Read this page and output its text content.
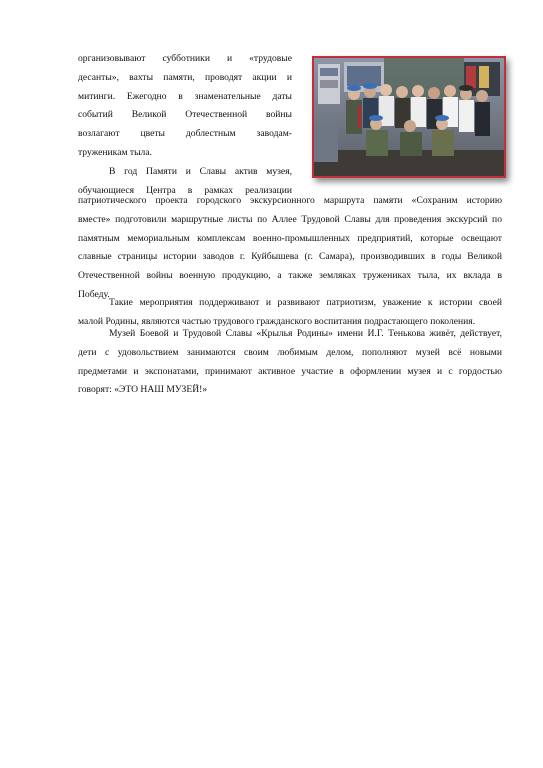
организовывают субботники и «трудовые
десанты», вахты памяти, проводят акции и
митинги. Ежегодно в знаменательные даты
событий Великой Отечественной войны
возлагают цветы доблестным заводам-
труженикам тыла.
В год Памяти и Славы актив музея,
обучающиеся Центра в рамках реализации
патриотического проекта городского экскурсионного маршрута памяти «Сохраним историю
вместе» подготовили маршрутные листы по Аллее Трудовой Славы для проведения экскурсий по
памятным мемориальным комплексам военно-промышленных предприятий, которые освещают
славные страницы истории заводов г. Куйбышева (г. Самара), производивших в годы Великой
Отечественной войны военную продукцию, а также земляках тружениках тыла, их вклада в
Победу.
Такие мероприятия поддерживают и развивают патриотизм, уважение к истории своей
малой Родины, являются частью трудового гражданского воспитания подрастающего поколения.
Музей Боевой и Трудовой Славы «Крылья Родины» имени И.Г. Тенькова живёт, действует,
дети с удовольствием занимаются своим любимым делом, пополняют музей всё новыми
предметами и экспонатами, принимают активное участие в оформлении музея и с гордостью
говорят: «ЭТО НАШ МУЗЕЙ!»
